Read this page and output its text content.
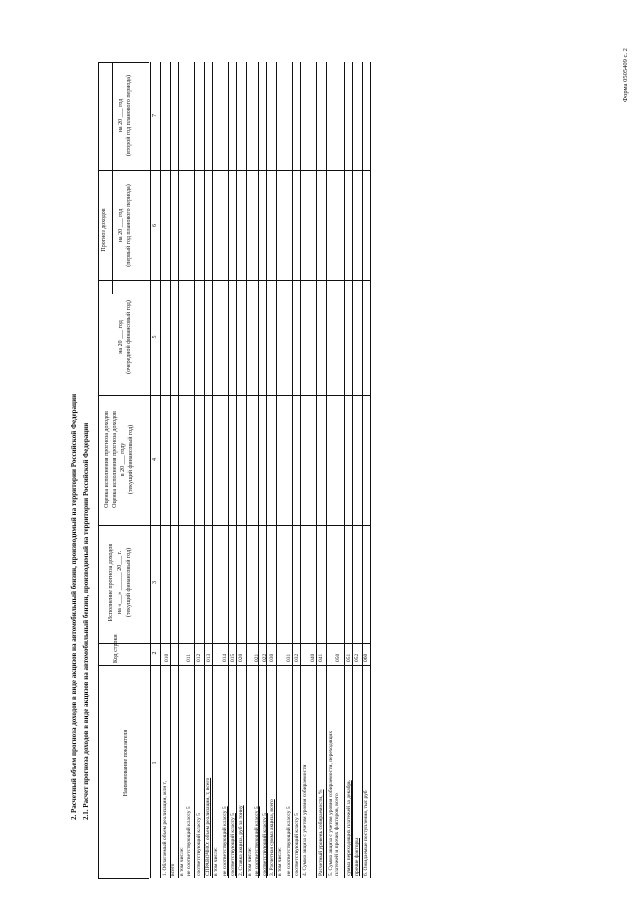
Форма 0505409 с. 2
2. Расчетный объем прогноза доходов в виде акцизов на автомобильный бензин, производимый на территории Российской Федерации 2.1. Расчет прогноза доходов в виде акцизов на автомобильный бензин, производимый на территории Российской Федерации	Наименование показателя
Код строки
Исполнение прогноза доходов на «___» ______ 20___ г. (текущий финансовый год)
Оценка исполнения прогноза доходов Оценка исполнения прогноза доходов в 20 ___ году (текущий финансовый год)
Прогноз доходов
на 20 ___ год (очередной финансовый год)
на 20 ___ год (первый год планового периода)
на 20 ___ год (второй год планового периода)
1
2
3
4
5
6
7
1. Облагаемый объем реализации, млн т, всего
010
в том числе: не соответствующий классу 5
011
соответствующий классу 5
012
СПРАВОЧНО: объем реализации, т, всего в том числе:
013
не соответствующий классу 5
014
соответствующий классу 5
015
2. Ставка акциза, руб за тонну в том числе:
020
не соответствующий классу 5
021
соответствующий классу 5
022
3. Расчетная сумма акциза, всего в том числе:
030
не соответствующий классу 5
031
соответствующий классу 5
032
4. Сумма акциза с учетом уровня собираемости
040
Расчетный уровень собираемости, %
041
5. Сумма акциза с учетом уровня собираемости, переходящих платежей и прочих факторов, всего
050
сумма переходящих платежей за декабрь
051
прочие факторы
052
6. Ожидаемые поступления, тыс руб
060
